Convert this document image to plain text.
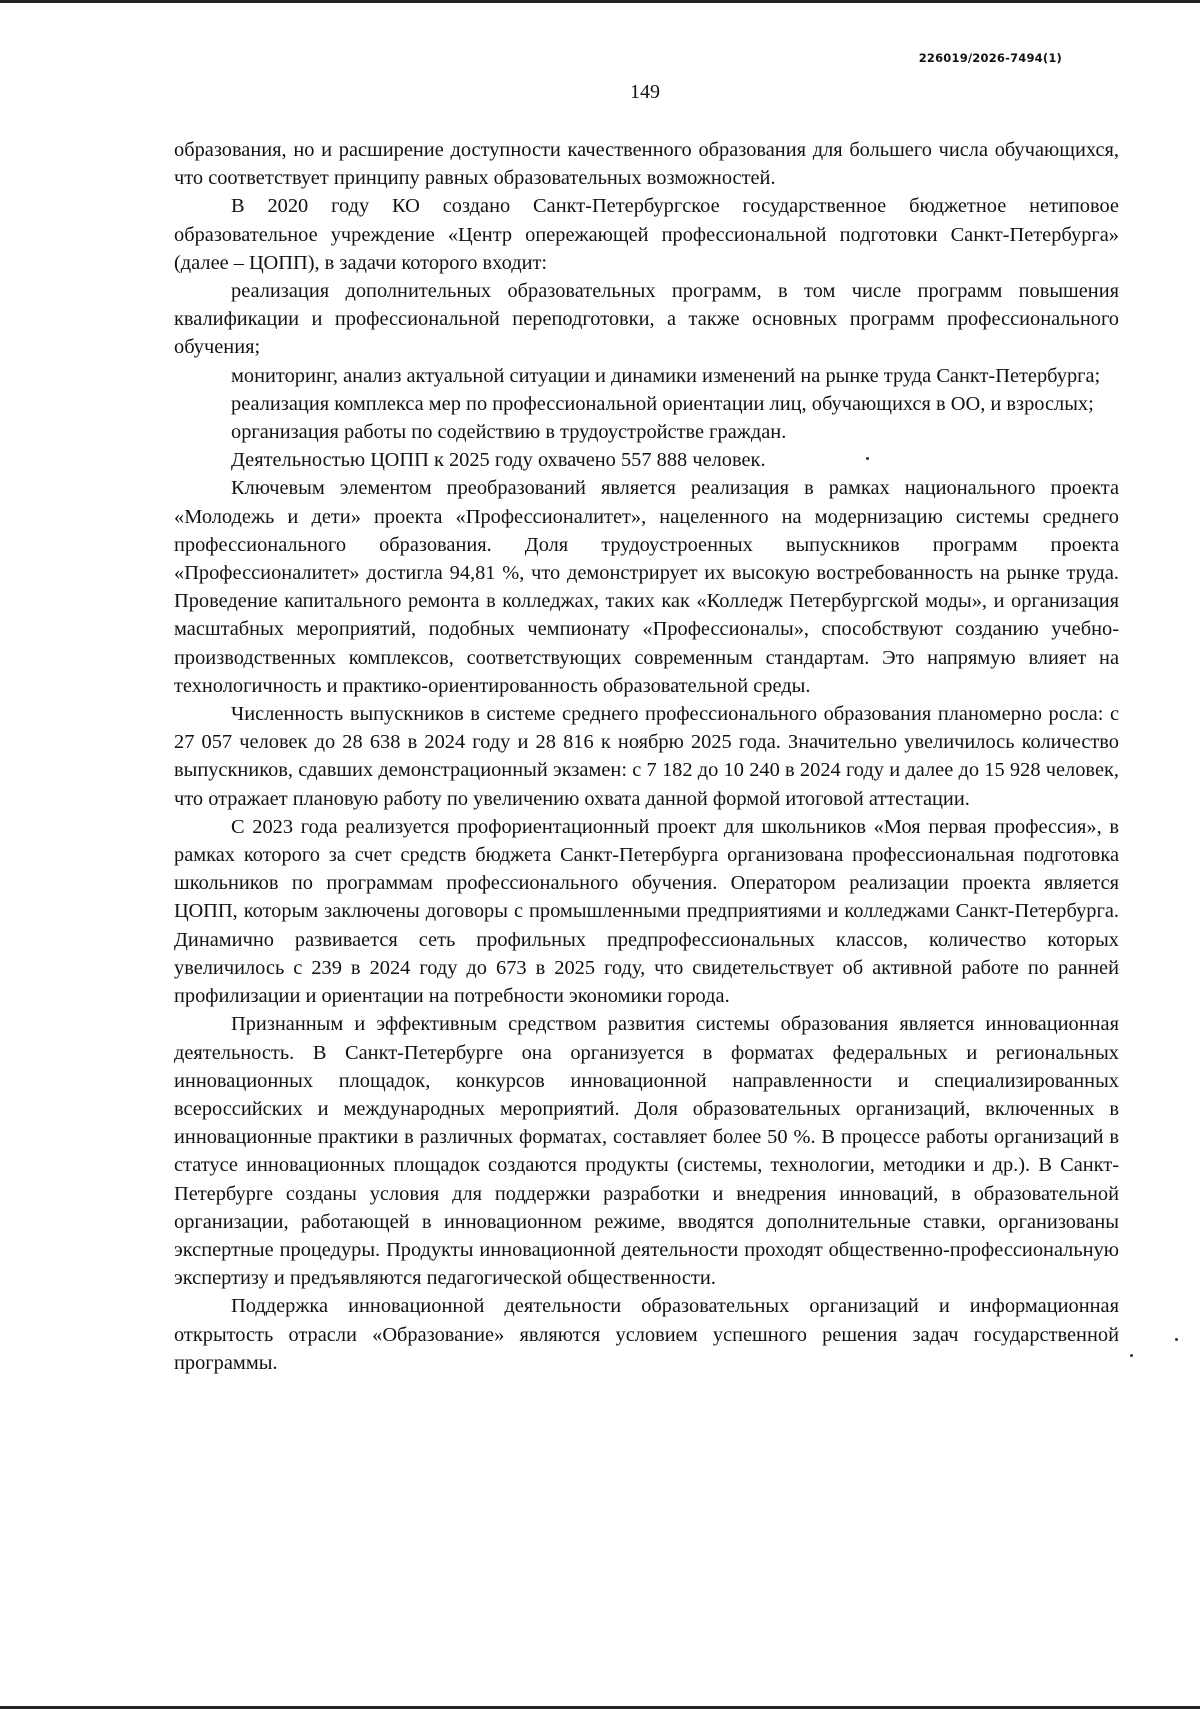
226019/2026-7494(1)
149

образования, но и расширение доступности качественного образования для большего числа обучающихся, что соответствует принципу равных образовательных возможностей.

В 2020 году КО создано Санкт-Петербургское государственное бюджетное нетиповое образовательное учреждение «Центр опережающей профессиональной подготовки Санкт-Петербурга» (далее – ЦОПП), в задачи которого входит:

реализация дополнительных образовательных программ, в том числе программ повышения квалификации и профессиональной переподготовки, а также основных программ профессионального обучения;

мониторинг, анализ актуальной ситуации и динамики изменений на рынке труда Санкт-Петербурга;

реализация комплекса мер по профессиональной ориентации лиц, обучающихся в ОО, и взрослых;

организация работы по содействию в трудоустройстве граждан.

Деятельностью ЦОПП к 2025 году охвачено 557 888 человек.

Ключевым элементом преобразований является реализация в рамках национального проекта «Молодежь и дети» проекта «Профессионалитет», нацеленного на модернизацию системы среднего профессионального образования. Доля трудоустроенных выпускников программ проекта «Профессионалитет» достигла 94,81 %, что демонстрирует их высокую востребованность на рынке труда. Проведение капитального ремонта в колледжах, таких как «Колледж Петербургской моды», и организация масштабных мероприятий, подобных чемпионату «Профессионалы», способствуют созданию учебно-производственных комплексов, соответствующих современным стандартам. Это напрямую влияет на технологичность и практико-ориентированность образовательной среды.

Численность выпускников в системе среднего профессионального образования планомерно росла: с 27 057 человек до 28 638 в 2024 году и 28 816 к ноябрю 2025 года. Значительно увеличилось количество выпускников, сдавших демонстрационный экзамен: с 7 182 до 10 240 в 2024 году и далее до 15 928 человек, что отражает плановую работу по увеличению охвата данной формой итоговой аттестации.

С 2023 года реализуется профориентационный проект для школьников «Моя первая профессия», в рамках которого за счет средств бюджета Санкт-Петербурга организована профессиональная подготовка школьников по программам профессионального обучения. Оператором реализации проекта является ЦОПП, которым заключены договоры с промышленными предприятиями и колледжами Санкт-Петербурга. Динамично развивается сеть профильных предпрофессиональных классов, количество которых увеличилось с 239 в 2024 году до 673 в 2025 году, что свидетельствует об активной работе по ранней профилизации и ориентации на потребности экономики города.

Признанным и эффективным средством развития системы образования является инновационная деятельность. В Санкт-Петербурге она организуется в форматах федеральных и региональных инновационных площадок, конкурсов инновационной направленности и специализированных всероссийских и международных мероприятий. Доля образовательных организаций, включенных в инновационные практики в различных форматах, составляет более 50 %. В процессе работы организаций в статусе инновационных площадок создаются продукты (системы, технологии, методики и др.). В Санкт-Петербурге созданы условия для поддержки разработки и внедрения инноваций, в образовательной организации, работающей в инновационном режиме, вводятся дополнительные ставки, организованы экспертные процедуры. Продукты инновационной деятельности проходят общественно-профессиональную экспертизу и предъявляются педагогической общественности.

Поддержка инновационной деятельности образовательных организаций и информационная открытость отрасли «Образование» являются условием успешного решения задач государственной программы.
